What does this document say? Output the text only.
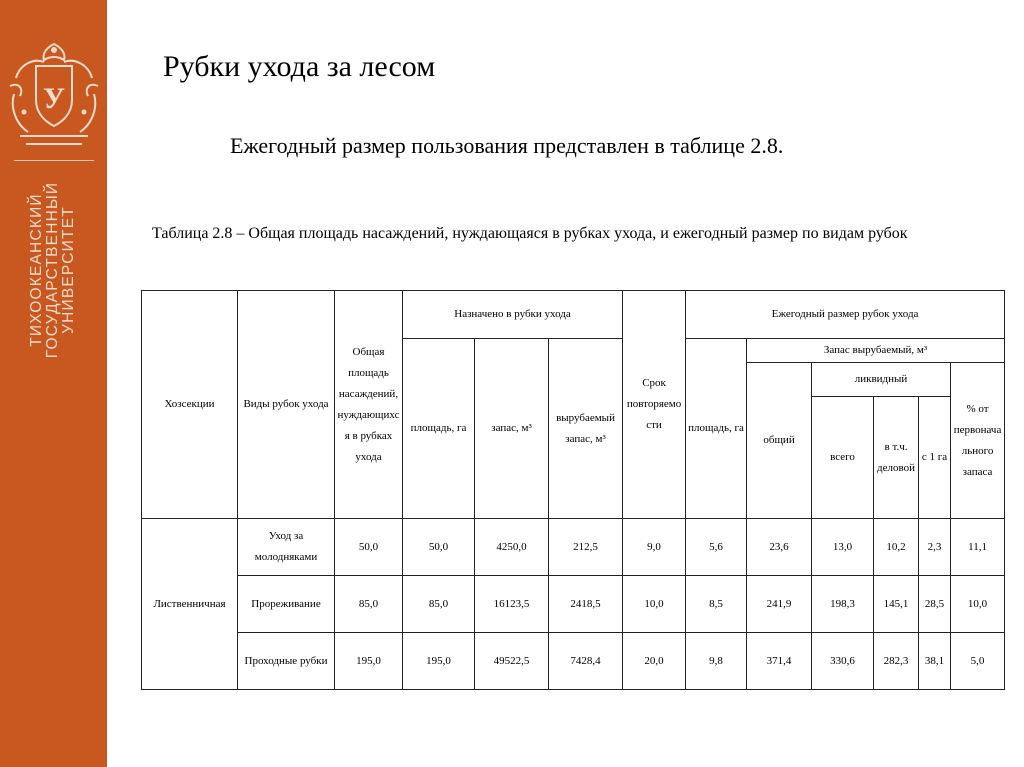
У
ТИХООКЕАНСКИЙ ГОСУДАРСТВЕННЫЙ УНИВЕРСИТЕТ
Рубки ухода за лесом
Ежегодный размер пользования представлен в таблице 2.8.
Таблица 2.8 – Общая площадь насаждений, нуждающаяся в рубках ухода, и ежегодный размер по видам рубок
Хозсекции	Виды рубок ухода	Общая площадь насаждений, нуждающихся в рубках ухода	Назначено в рубки ухода			Срок повторяемости	Ежегодный размер рубок ухода					
			площадь, га	запас, м³	вырубаемый запас, м³		площадь, га	Запас вырубаемый, м³				
								общий	ликвидный			% от первоначального запаса
									всего	в т.ч. деловой	с 1 га	

Лиственничная	Уход за молодняками	50,0	50,0	4250,0	212,5	9,0	5,6	23,6	13,0	10,2	2,3	11,1
	Прореживание	85,0	85,0	16123,5	2418,5	10,0	8,5	241,9	198,3	145,1	28,5	10,0
	Проходные рубки	195,0	195,0	49522,5	7428,4	20,0	9,8	371,4	330,6	282,3	38,1	5,0
